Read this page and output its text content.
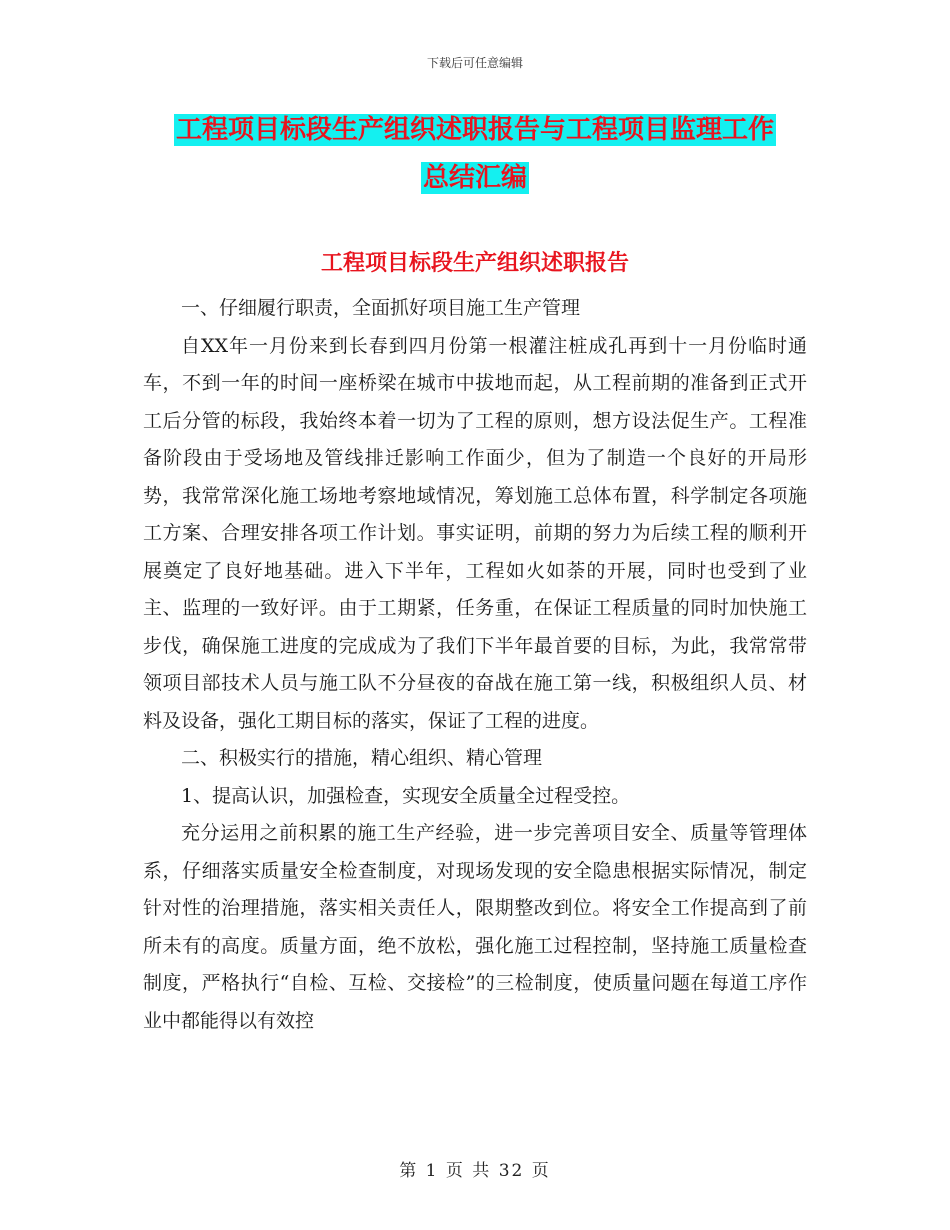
下载后可任意编辑
工程项目标段生产组织述职报告与工程项目监理工作
总结汇编
工程项目标段生产组织述职报告

一、仔细履行职责，全面抓好项目施工生产管理

自XX年一月份来到长春到四月份第一根灌注桩成孔再到十一月份临时通车，不到一年的时间一座桥梁在城市中拔地而起，从工程前期的准备到正式开工后分管的标段，我始终本着一切为了工程的原则，想方设法促生产。工程准备阶段由于受场地及管线排迁影响工作面少，但为了制造一个良好的开局形势，我常常深化施工场地考察地域情况，筹划施工总体布置，科学制定各项施工方案、合理安排各项工作计划。事实证明，前期的努力为后续工程的顺利开展奠定了良好地基础。进入下半年，工程如火如荼的开展，同时也受到了业主、监理的一致好评。由于工期紧，任务重，在保证工程质量的同时加快施工步伐，确保施工进度的完成成为了我们下半年最首要的目标，为此，我常常带领项目部技术人员与施工队不分昼夜的奋战在施工第一线，积极组织人员、材料及设备，强化工期目标的落实，保证了工程的进度。

二、积极实行的措施，精心组织、精心管理

1、提高认识，加强检查，实现安全质量全过程受控。

充分运用之前积累的施工生产经验，进一步完善项目安全、质量等管理体系，仔细落实质量安全检查制度，对现场发现的安全隐患根据实际情况，制定针对性的治理措施，落实相关责任人，限期整改到位。将安全工作提高到了前所未有的高度。质量方面，绝不放松，强化施工过程控制，坚持施工质量检查制度，严格执行“自检、互检、交接检”的三检制度，使质量问题在每道工序作业中都能得以有效控

第 1 页 共 32 页
